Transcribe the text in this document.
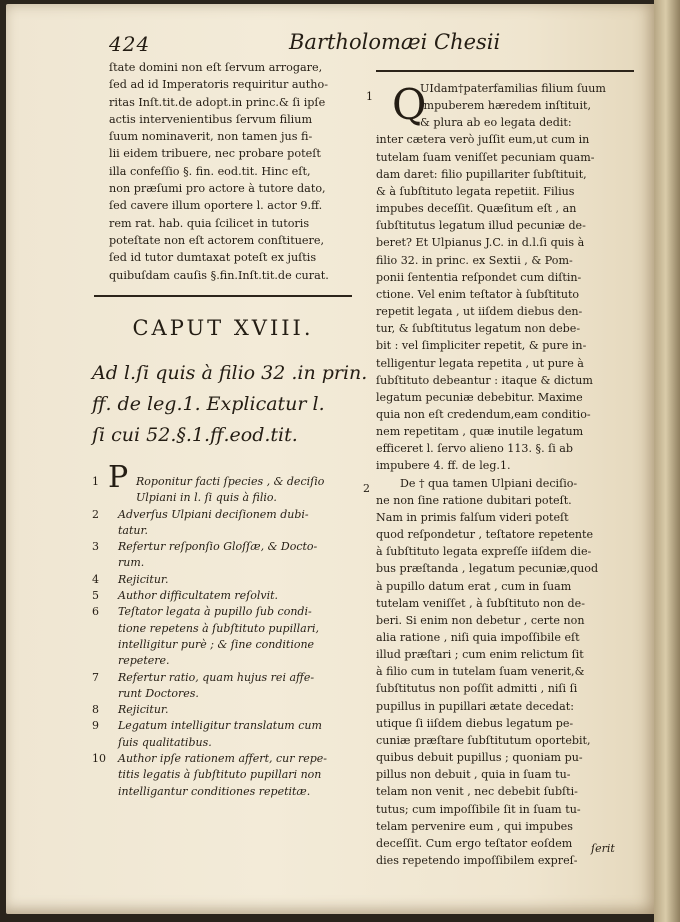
424	Bartholomæi Chesii
ſtate domini non eſt ſervum arrogare,
ſed ad id Imperatoris requiritur autho-
ritas Inſt.tit.de adopt.in princ.& ſi ipſe
actis intervenientibus ſervum filium
ſuum nominaverit, non tamen jus fi-
lii eidem tribuere, nec probare poteſt
illa confeſſio §. fin. eod.tit. Hinc eſt,
non præſumi pro actore à tutore dato,
ſed cavere illum oportere l. actor 9.ff.
rem rat. hab. quia ſcilicet in tutoris
poteſtate non eſt actorem conſtituere,
ſed id tutor dumtaxat poteſt ex juſtis
quibuſdam cauſis §.fin.Inſt.tit.de curat.
CAPUT XVIII.
Ad l.ſi quis à filio 32 .in prin.
ff. de leg.1. Explicatur l.
ſi cui 52.§.1.ff.eod.tit.
1 P Roponitur facti ſpecies , & deciſio
Ulpiani in l. ſi quis à filio.
2 Adverſus Ulpiani deciſionem dubi-
tatur.
3 Refertur reſponſio Gloſſæ, & Docto-
rum.
4 Rejicitur.
5 Author difficultatem reſolvit.
6 Teſtator legata à pupillo ſub condi-
tione repetens à ſubſtituto pupillari,
intelligitur purè ; & ſine conditione
repetere.
7 Refertur ratio, quam hujus rei affe-
runt Doctores.
8 Rejicitur.
9 Legatum intelligitur translatum cum
ſuis qualitatibus.
10 Author ipſe rationem affert, cur repe-
titis legatis à ſubſtituto pupillari non
intelligantur conditiones repetitæ.
1
2
Q
UIdam†paterfamilias filium ſuum
impuberem hæredem inſtituit,
& plura ab eo legata dedit:
inter cætera verò juſſit eum,ut cum in
tutelam ſuam veniſſet pecuniam quam-
dam daret: filio pupillariter ſubſtituit,
& à ſubſtituto legata repetiit. Filius
impubes deceſſit. Quæſitum eſt , an
ſubſtitutus legatum illud pecuniæ de-
beret? Et Ulpianus J.C. in d.l.ſi quis à
filio 32. in princ. ex Sextii , & Pom-
ponii ſententia reſpondet cum diſtin-
ctione. Vel enim teſtator à ſubſtituto
repetit legata , ut iiſdem diebus den-
tur, & ſubſtitutus legatum non debe-
bit : vel ſimpliciter repetit, & pure in-
telligentur legata repetita , ut pure à
ſubſtituto debeantur : itaque & dictum
legatum pecuniæ debebitur. Maxime
quia non eſt credendum,eam conditio-
nem repetitam , quæ inutile legatum
efficeret l. ſervo alieno 113. §. ſi ab
impubere 4. ff. de leg.1.
De † qua tamen Ulpiani deciſio-
ne non ſine ratione dubitari poteſt.
Nam in primis falſum videri poteſt
quod reſpondetur , teſtatore repetente
à ſubſtituto legata expreſſe iiſdem die-
bus præſtanda , legatum pecuniæ,quod
à pupillo datum erat , cum in ſuam
tutelam veniſſet , à ſubſtituto non de-
beri. Si enim non debetur , certe non
alia ratione , niſi quia impoſſibile eſt
illud præſtari ; cum enim relictum ſit
à filio cum in tutelam ſuam venerit,&
ſubſtitutus non poſſit admitti , niſi ſi
pupillus in pupillari ætate decedat:
utique ſi iiſdem diebus legatum pe-
cuniæ præſtare ſubſtitutum oportebit,
quibus debuit pupillus ; quoniam pu-
pillus non debuit , quia in ſuam tu-
telam non venit , nec debebit ſubſti-
tutus; cum impoſſibile ſit in ſuam tu-
telam pervenire eum , qui impubes
deceſſit. Cum ergo teſtator eoſdem
dies repetendo impoſſibilem expreſ-
ſerit
